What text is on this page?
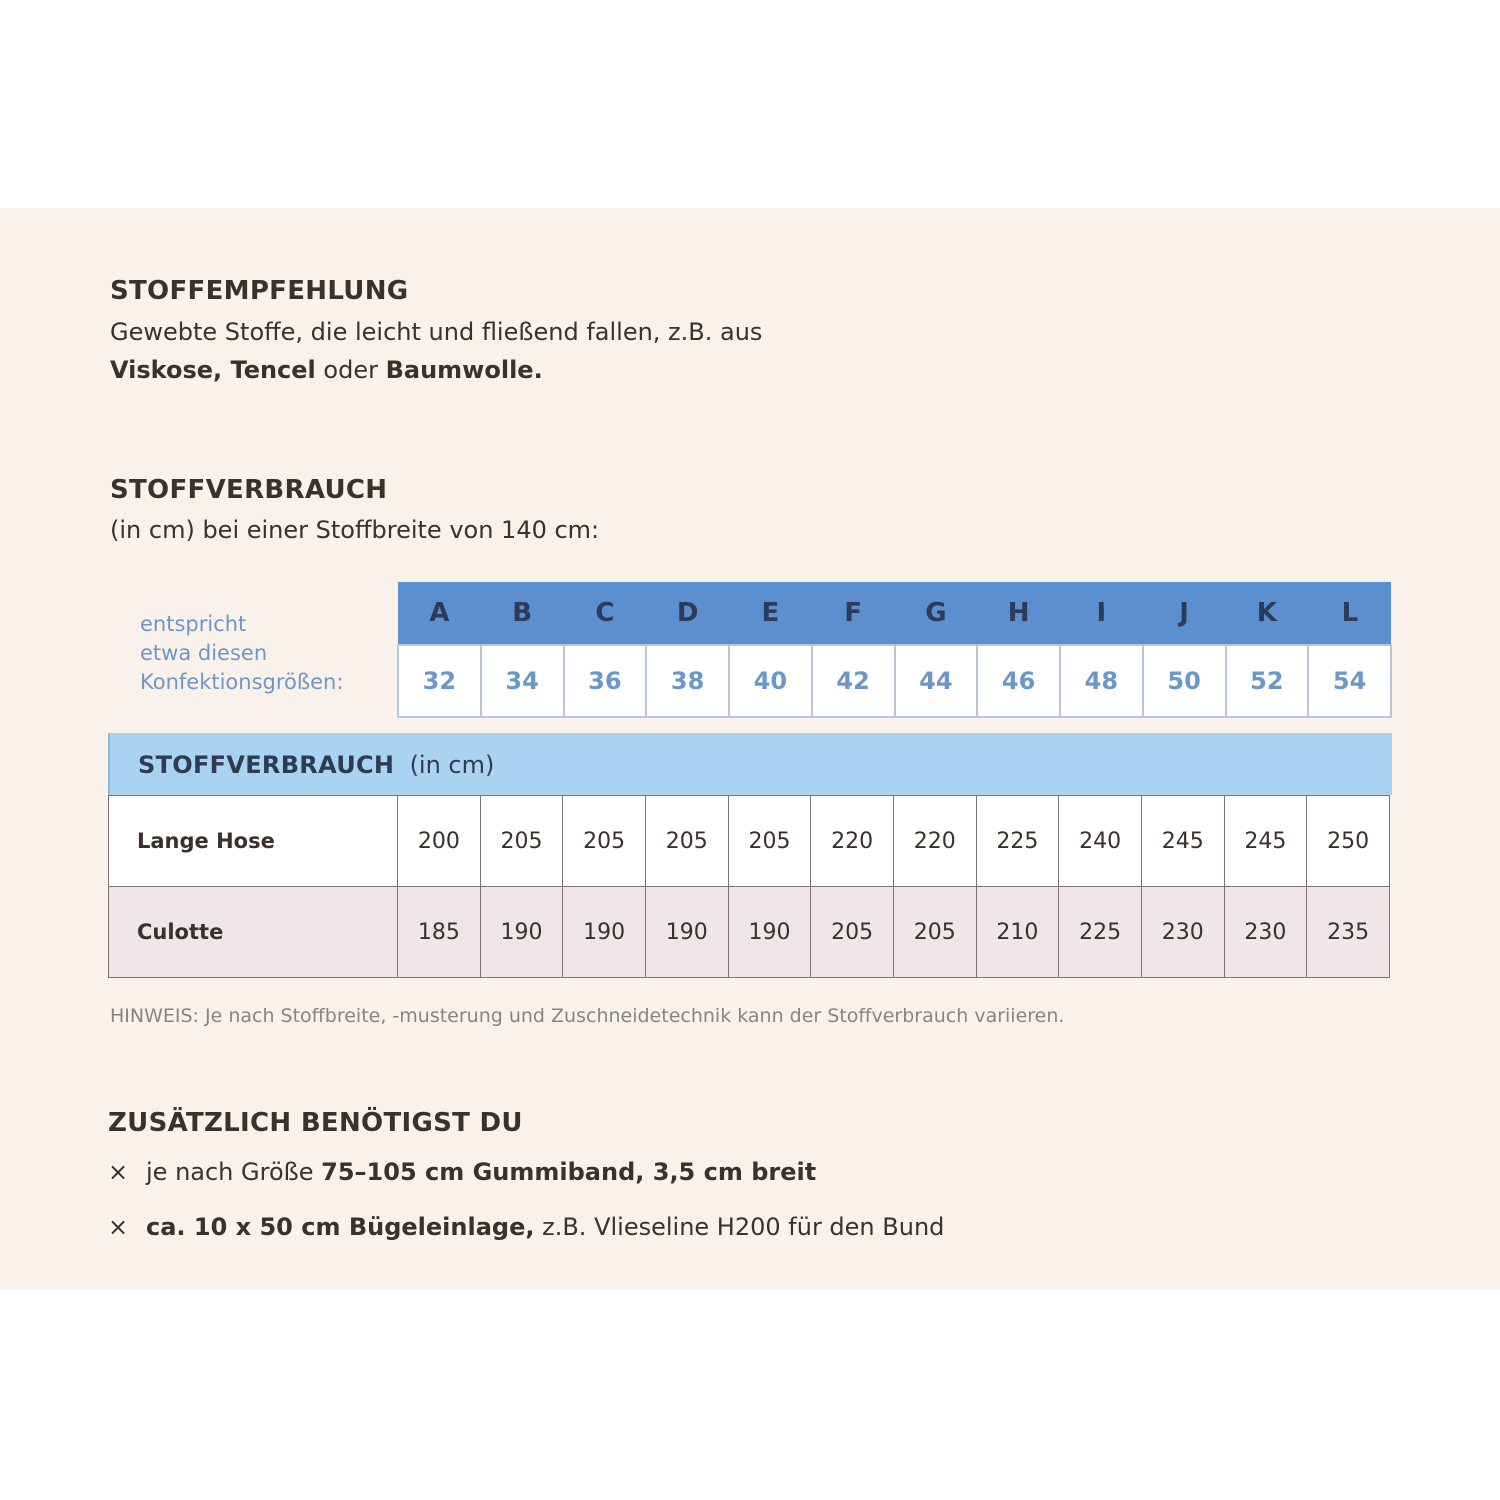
STOFFEMPFEHLUNG
Gewebte Stoffe, die leicht und fließend fallen, z.B. aus
Viskose, Tencel oder Baumwolle.
STOFFVERBRAUCH
(in cm) bei einer Stoffbreite von 140 cm:
entspricht
etwa diesen
Konfektionsgrößen:
A	B	C	D	E	F	G	H	I	J	K	L
32	34	36	38	40	42	44	46	48	50	52	54
STOFFVERBRAUCH (in cm)
Lange Hose	200	205	205	205	205	220	220	225	240	245	245	250
Culotte	185	190	190	190	190	205	205	210	225	230	230	235
HINWEIS: Je nach Stoffbreite, -musterung und Zuschneidetechnik kann der Stoffverbrauch variieren.
ZUSÄTZLICH BENÖTIGST DU
× je nach Größe 75–105 cm Gummiband, 3,5 cm breit
× ca. 10 x 50 cm Bügeleinlage, z.B. Vlieseline H200 für den Bund
